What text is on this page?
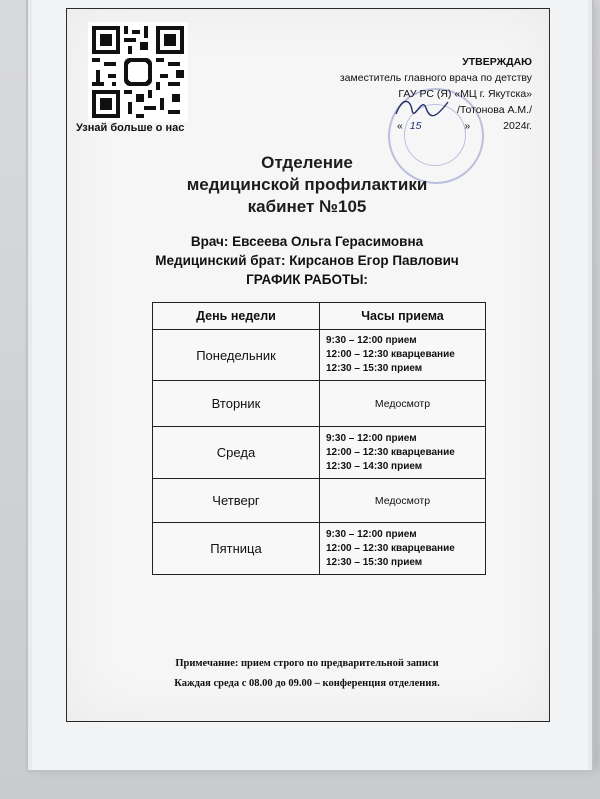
Узнай больше о нас
УТВЕРЖДАЮ
заместитель главного врача по детству
ГАУ РС (Я) «МЦ г. Якутска»
/Тотонова А.М./
« 15	»	2024г.
Отделение
медицинской профилактики
кабинет №105
Врач: Евсеева Ольга Герасимовна
Медицинский брат: Кирсанов Егор Павлович
ГРАФИК РАБОТЫ:
День недели	Часы приема
Понедельник	9:30 – 12:00 прием
12:00 – 12:30 кварцевание
12:30 – 15:30 прием

Вторник	Медосмотр
Среда	9:30 – 12:00 прием
12:00 – 12:30 кварцевание
12:30 – 14:30 прием

Четверг	Медосмотр
Пятница	9:30 – 12:00 прием
12:00 – 12:30 кварцевание
12:30 – 15:30 прием
Примечание: прием строго по предварительной записи
Каждая среда с 08.00 до 09.00 – конференция отделения.
